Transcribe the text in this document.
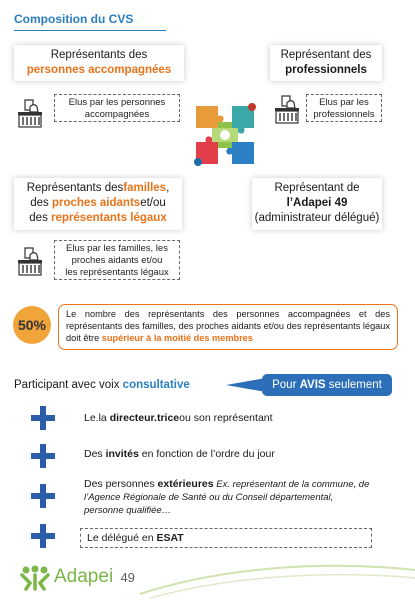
Composition du CVS
Représentants des
personnes accompagnées
Représentant des
professionnels
Elus par les personnes
accompagnées
Elus par les
professionnels
Représentants desfamilles,
des proches aidantset/ou
des représentants légaux
Représentant de
l’Adapei 49
(administrateur délégué)
Elus par les familles, les
proches aidants et/ou
les représentants légaux
50%
Le nombre des représentants des personnes accompagnées et des représentants des familles, des proches aidants et/ou des représentants légaux doit être supérieur à la moitié des membres
Participant avec voix consultative	Pour AVIS seulement
Le.la directeur.triceou son représentant
Des invités en fonction de l’ordre du jour
Des personnes extérieures Ex. représentant de la commune, de l’Agence Régionale de Santé ou du Conseil départemental, personne qualifiée…
Le délégué en ESAT
Adapei 49
